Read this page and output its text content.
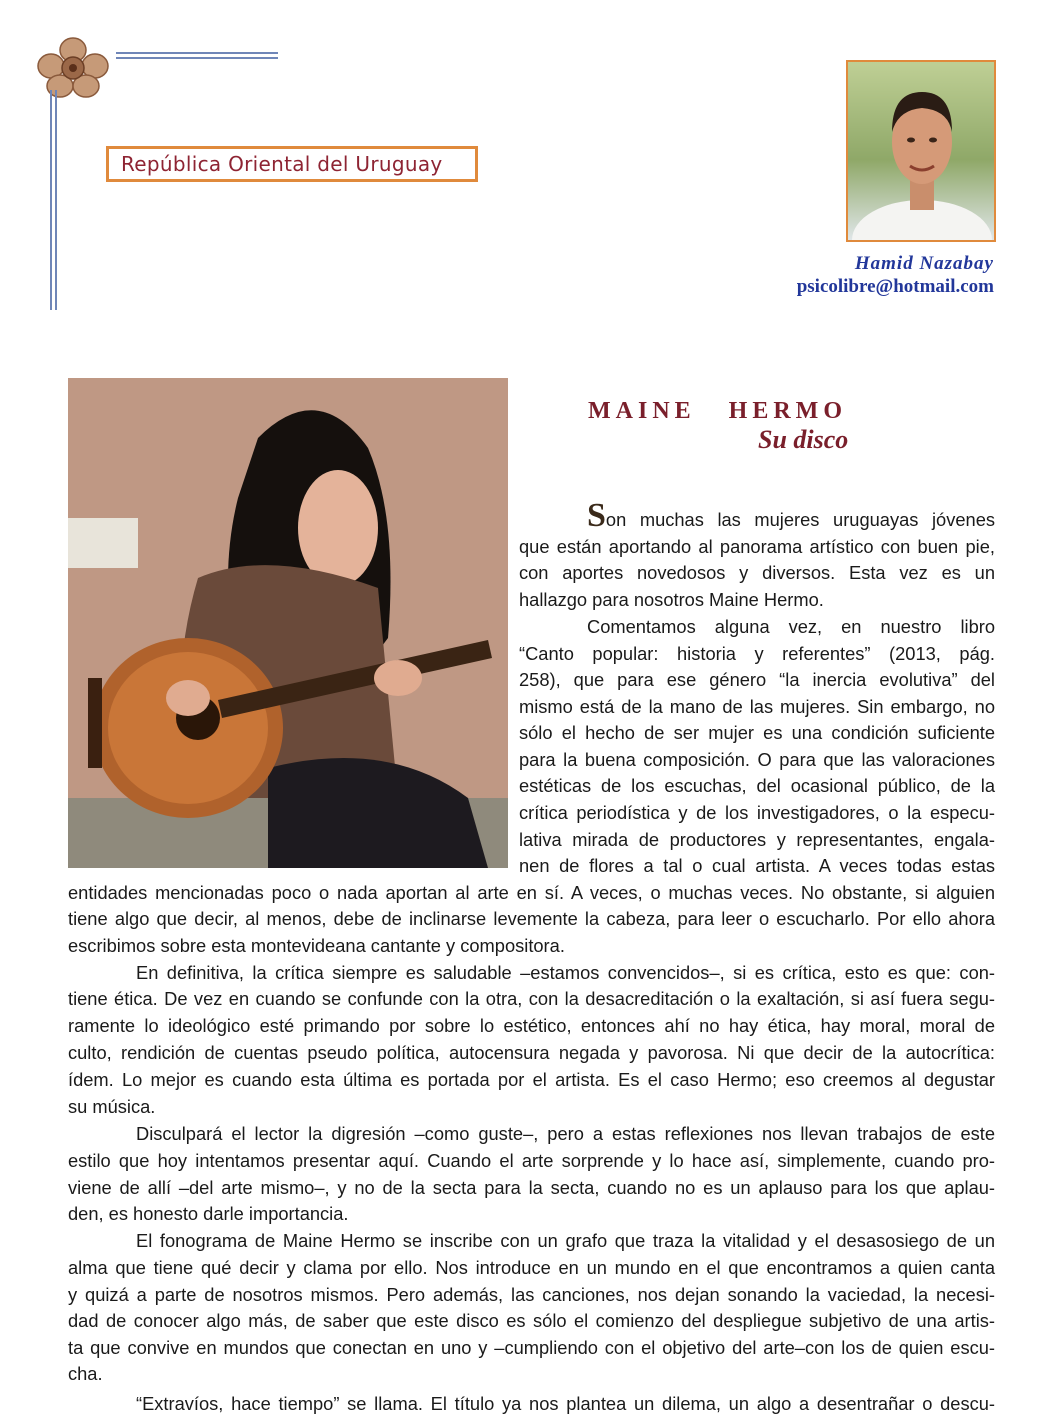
República Oriental del Uruguay
Hamid Nazabay
psicolibre@hotmail.com
MAINE   HERMO
Su disco
Son muchas las mujeres uruguayas jóvenes
que están aportando al panorama artístico con buen pie,
con aportes novedosos y diversos. Esta vez es un
hallazgo para nosotros Maine Hermo.
Comentamos alguna vez, en nuestro libro
“Canto popular: historia y referentes” (2013, pág.
258), que para ese género “la inercia evolutiva” del
mismo está de la mano de las mujeres. Sin embargo, no
sólo el hecho de ser mujer es una condición suficiente
para la buena composición. O para que las valoraciones
estéticas de los escuchas, del ocasional público, de la
crítica periodística y de los investigadores, o la especu-
lativa mirada de productores y representantes, engala-
nen de flores a tal o cual artista. A veces todas estas
entidades mencionadas poco o nada aportan al arte en sí. A veces, o muchas veces. No obstante, si alguien
tiene algo que decir, al menos, debe de inclinarse levemente la cabeza, para leer o escucharlo. Por ello ahora
escribimos sobre esta montevideana cantante y compositora.
En definitiva, la crítica siempre es saludable –estamos convencidos–, si es crítica, esto es que: con-
tiene ética. De vez en cuando se confunde con la otra, con la desacreditación o la exaltación, si así fuera segu-
ramente lo ideológico esté primando por sobre lo estético, entonces ahí no hay ética, hay moral, moral de
culto, rendición de cuentas pseudo política, autocensura negada y pavorosa. Ni que decir de la autocrítica:
ídem. Lo mejor es cuando esta última es portada por el artista. Es el caso Hermo; eso creemos al degustar
su música.
Disculpará el lector la digresión –como guste–, pero a estas reflexiones nos llevan trabajos de este
estilo que hoy intentamos presentar aquí. Cuando el arte sorprende y lo hace así, simplemente, cuando pro-
viene de allí –del arte mismo–, y no de la secta para la secta, cuando no es un aplauso para los que aplau-
den, es honesto darle importancia.
El fonograma de Maine Hermo se inscribe con un grafo que traza la vitalidad y el desasosiego de un
alma que tiene qué decir y clama por ello. Nos introduce en un mundo en el que encontramos a quien canta
y quizá a parte de nosotros mismos. Pero además, las canciones, nos dejan sonando la vaciedad, la necesi-
dad de conocer algo más, de saber que este disco es sólo el comienzo del despliegue subjetivo de una artis-
ta que convive en mundos que conectan en uno y –cumpliendo con el objetivo del arte–con los de quien escu-
cha.
“Extravíos, hace tiempo” se llama. El título ya nos plantea un dilema, un algo a desentrañar o descu-
